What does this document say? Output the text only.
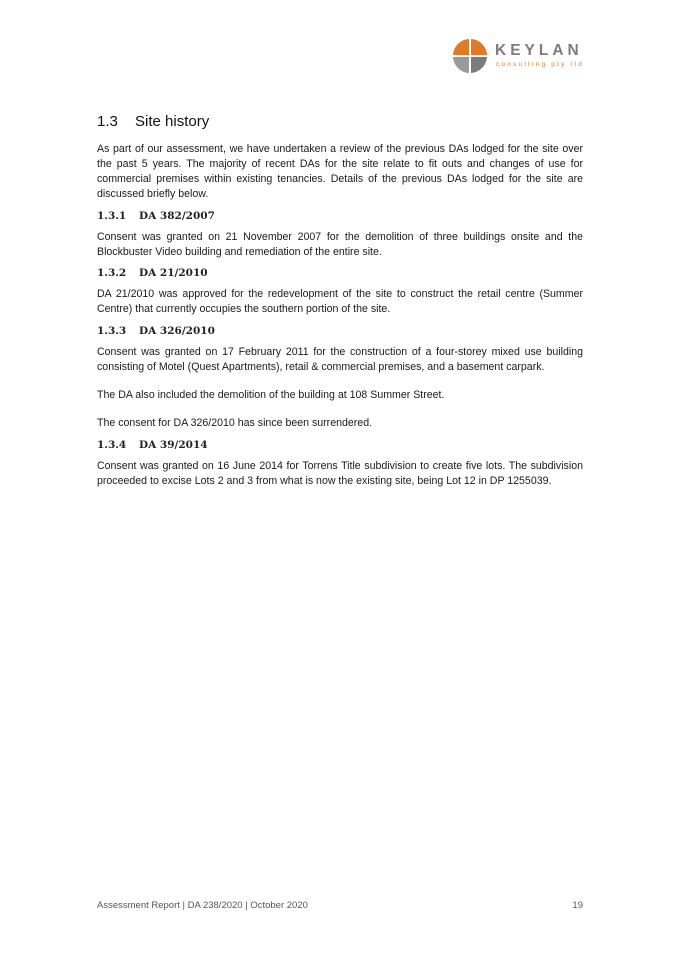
KEYLAN
consulting pty ltd
1.3 Site history

As part of our assessment, we have undertaken a review of the previous DAs lodged for the site over the past 5 years. The majority of recent DAs for the site relate to fit outs and changes of use for commercial premises within existing tenancies. Details of the previous DAs lodged for the site are discussed briefly below.

1.3.1 DA 382/2007

Consent was granted on 21 November 2007 for the demolition of three buildings onsite and the Blockbuster Video building and remediation of the entire site.

1.3.2 DA 21/2010

DA 21/2010 was approved for the redevelopment of the site to construct the retail centre (Summer Centre) that currently occupies the southern portion of the site.

1.3.3 DA 326/2010

Consent was granted on 17 February 2011 for the construction of a four-storey mixed use building consisting of Motel (Quest Apartments), retail & commercial premises, and a basement carpark.

The DA also included the demolition of the building at 108 Summer Street.

The consent for DA 326/2010 has since been surrendered.

1.3.4 DA 39/2014

Consent was granted on 16 June 2014 for Torrens Title subdivision to create five lots. The subdivision proceeded to excise Lots 2 and 3 from what is now the existing site, being Lot 12 in DP 1255039.

Assessment Report | DA 238/2020 | October 2020	19
